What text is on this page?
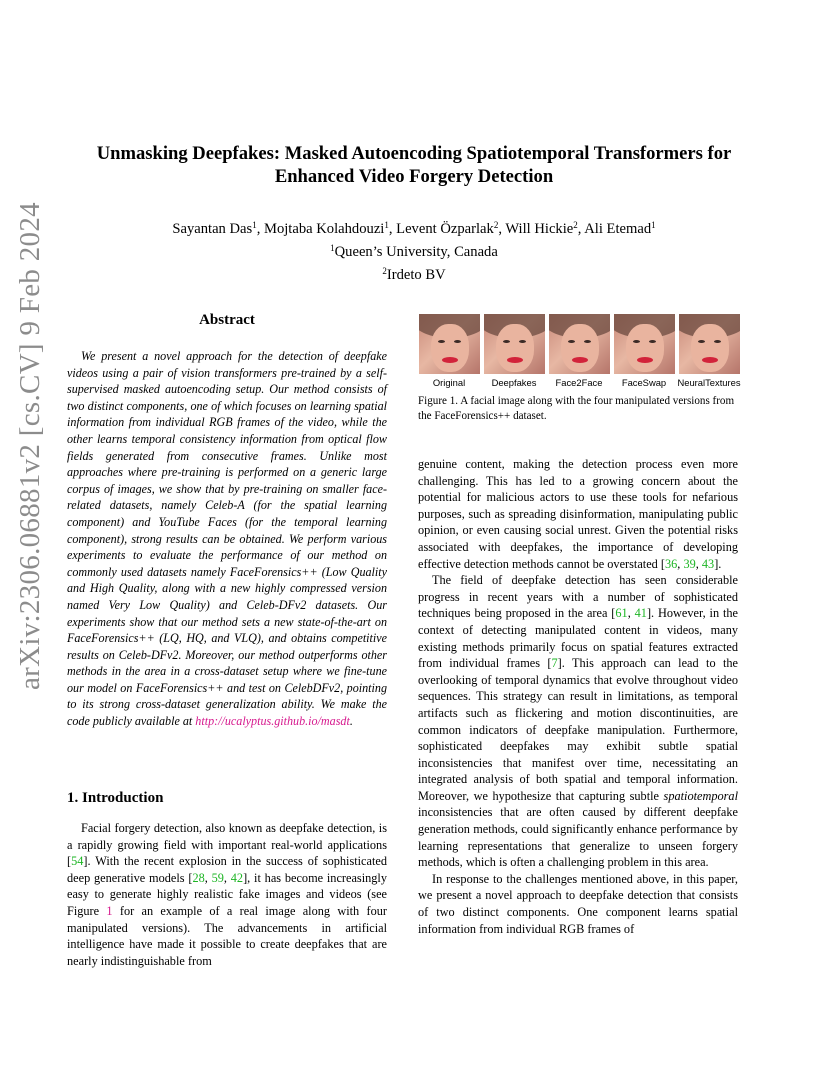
arXiv:2306.06881v2 [cs.CV] 9 Feb 2024
Unmasking Deepfakes: Masked Autoencoding Spatiotemporal Transformers for
Enhanced Video Forgery Detection
Sayantan Das$^1$, Mojtaba Kolahdouzi$^1$, Levent Özparlak$^2$, Will Hickie$^2$, Ali Etemad$^1$
$^1$Queen’s University, Canada
$^2$Irdeto BV
Abstract

We present a novel approach for the detection of deepfake videos using a pair of vision transformers pre-trained by a self-supervised masked autoencoding setup. Our method consists of two distinct components, one of which focuses on learning spatial information from individual RGB frames of the video, while the other learns temporal consistency information from optical flow fields generated from consecutive frames. Unlike most approaches where pre-training is performed on a generic large corpus of images, we show that by pre-training on smaller face-related datasets, namely Celeb-A (for the spatial learning component) and YouTube Faces (for the temporal learning component), strong results can be obtained. We perform various experiments to evaluate the performance of our method on commonly used datasets namely FaceForensics++ (Low Quality and High Quality, along with a new highly compressed version named Very Low Quality) and Celeb-DFv2 datasets. Our experiments show that our method sets a new state-of-the-art on FaceForensics++ (LQ, HQ, and VLQ), and obtains competitive results on Celeb-DFv2. Moreover, our method outperforms other methods in the area in a cross-dataset setup where we fine-tune our model on FaceForensics++ and test on CelebDFv2, pointing to its strong cross-dataset generalization ability. We make the code publicly available at http://ucalyptus.github.io/masdt.

1. Introduction

Facial forgery detection, also known as deepfake detection, is a rapidly growing field with important real-world applications [54]. With the recent explosion in the success of sophisticated deep generative models [28, 59, 42], it has become increasingly easy to generate highly realistic fake images and videos (see Figure 1 for an example of a real image along with four manipulated versions). The advancements in artificial intelligence have made it possible to create deepfakes that are nearly indistinguishable from

Original	Deepfakes Face2Face FaceSwap NeuralTextures
Figure 1. A facial image along with the four manipulated versions from the FaceForensics++ dataset.

genuine content, making the detection process even more challenging. This has led to a growing concern about the potential for malicious actors to use these tools for nefarious purposes, such as spreading disinformation, manipulating public opinion, or even causing social unrest. Given the potential risks associated with deepfakes, the importance of developing effective detection methods cannot be overstated [36, 39, 43].

The field of deepfake detection has seen considerable progress in recent years with a number of sophisticated techniques being proposed in the area [61, 41]. However, in the context of detecting manipulated content in videos, many existing methods primarily focus on spatial features extracted from individual frames [7]. This approach can lead to the overlooking of temporal dynamics that evolve throughout video sequences. This strategy can result in limitations, as temporal artifacts such as flickering and motion discontinuities, are common indicators of deepfake manipulation. Furthermore, sophisticated deepfakes may exhibit subtle spatial inconsistencies that manifest over time, necessitating an integrated analysis of both spatial and temporal information. Moreover, we hypothesize that capturing subtle spatiotemporal inconsistencies that are often caused by different deepfake generation methods, could significantly enhance performance by learning representations that generalize to unseen forgery methods, which is often a challenging problem in this area.

In response to the challenges mentioned above, in this paper, we present a novel approach to deepfake detection that consists of two distinct components. One component learns spatial information from individual RGB frames of
